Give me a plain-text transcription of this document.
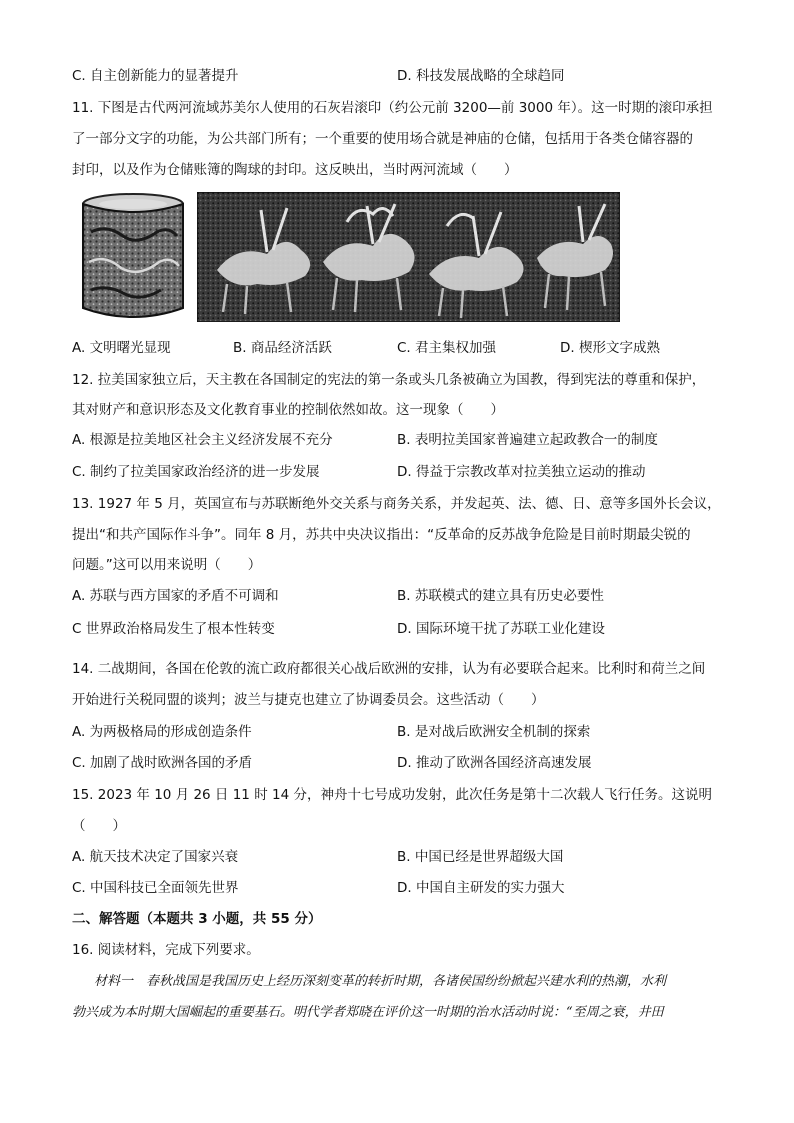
C. 自主创新能力的显著提升	D. 科技发展战略的全球趋同
11. 下图是古代两河流域苏美尔人使用的石灰岩滚印（约公元前 3200—前 3000 年）。这一时期的滚印承担
了一部分文字的功能，为公共部门所有；一个重要的使用场合就是神庙的仓储，包括用于各类仓储容器的
封印，以及作为仓储账簿的陶球的封印。这反映出，当时两河流域（　　）
A. 文明曙光显现	B. 商品经济活跃	C. 君主集权加强	D. 楔形文字成熟
12. 拉美国家独立后，天主教在各国制定的宪法的第一条或头几条被确立为国教，得到宪法的尊重和保护，
其对财产和意识形态及文化教育事业的控制依然如故。这一现象（　　）
A. 根源是拉美地区社会主义经济发展不充分	B. 表明拉美国家普遍建立起政教合一的制度
C. 制约了拉美国家政治经济的进一步发展	D. 得益于宗教改革对拉美独立运动的推动
13. 1927 年 5 月，英国宣布与苏联断绝外交关系与商务关系，并发起英、法、德、日、意等多国外长会议，
提出“和共产国际作斗争”。同年 8 月，苏共中央决议指出：“反革命的反苏战争危险是目前时期最尖锐的
问题。”这可以用来说明（　　）
A. 苏联与西方国家的矛盾不可调和	B. 苏联模式的建立具有历史必要性
C 世界政治格局发生了根本性转变	D. 国际环境干扰了苏联工业化建设
14. 二战期间，各国在伦敦的流亡政府都很关心战后欧洲的安排，认为有必要联合起来。比利时和荷兰之间
开始进行关税同盟的谈判；波兰与捷克也建立了协调委员会。这些活动（　　）
A. 为两极格局的形成创造条件	B. 是对战后欧洲安全机制的探索
C. 加剧了战时欧洲各国的矛盾	D. 推动了欧洲各国经济高速发展
15. 2023 年 10 月 26 日 11 时 14 分，神舟十七号成功发射，此次任务是第十二次载人飞行任务。这说明
（　　）
A. 航天技术决定了国家兴衰	B. 中国已经是世界超级大国
C. 中国科技已全面领先世界	D. 中国自主研发的实力强大
二、解答题（本题共 3 小题，共 55 分）
16. 阅读材料，完成下列要求。
材料一　春秋战国是我国历史上经历深刻变革的转折时期，各诸侯国纷纷掀起兴建水利的热潮，水利
勃兴成为本时期大国崛起的重要基石。明代学者郑晓在评价这一时期的治水活动时说：“至周之衰，井田
